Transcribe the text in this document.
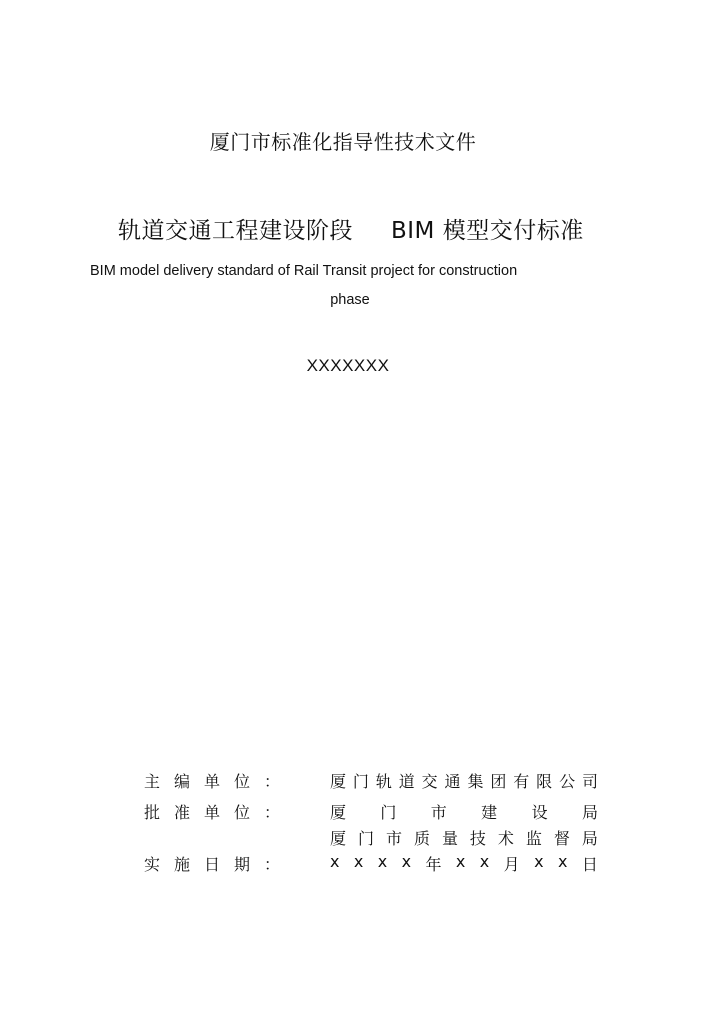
厦门市标准化指导性技术文件
轨道交通工程建设阶段 BIM 模型交付标准
BIM model delivery standard of Rail Transit project for construction
phase
XXXXXXX
主 编 单 位 ：	厦 门 轨 道 交 通 集 团 有 限 公 司
批 准 单 位 ：	厦 门 市 建 设 局
厦 门 市 质 量 技 术 监 督 局
实 施 日 期 ：	x x x x 年 x x 月 x x 日
